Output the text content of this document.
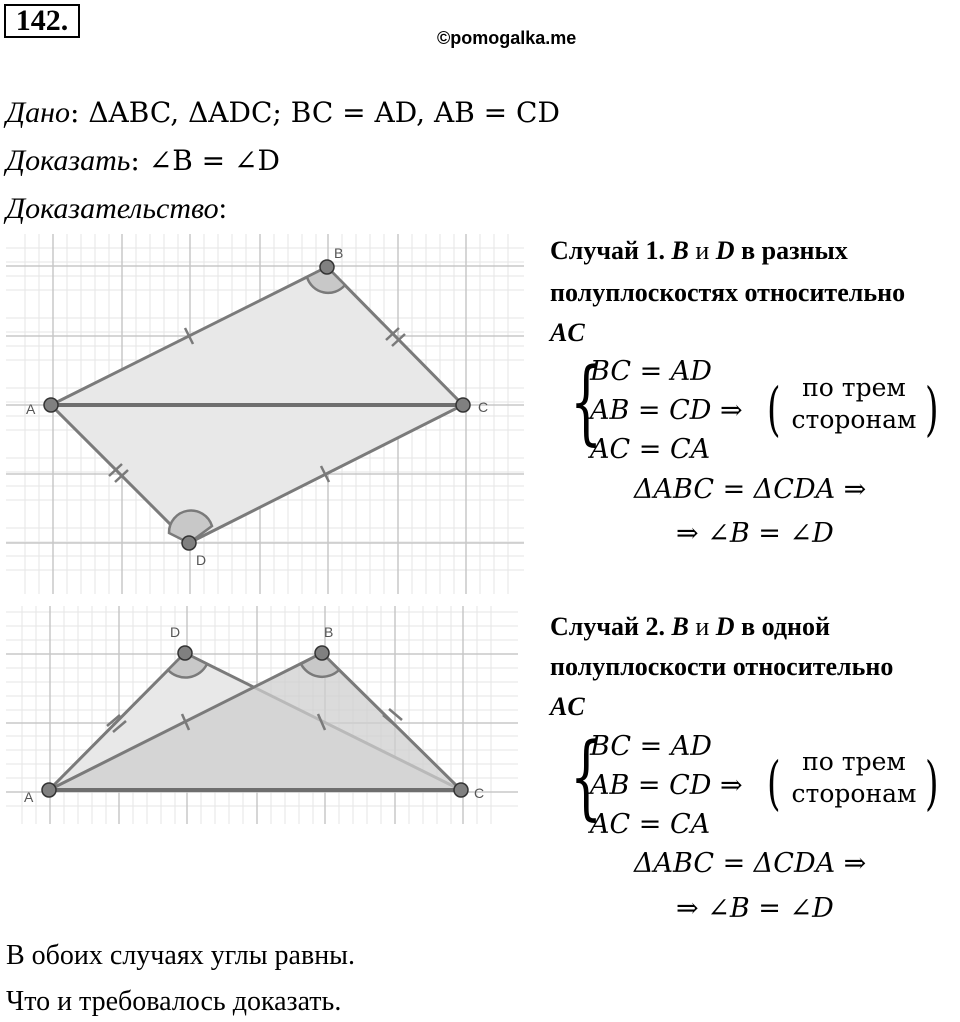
142.
©pomogalka.me
Дано: ΔABC, ΔADC; BC = AD, AB = CD
Доказать: ∠B = ∠D
Доказательство:
A
B
C
D
A
D	B
C
Случай 1. B и D в разных
полуплоскостях относительно
AC
{
BC = AD
AB = CD ⇒
AC = CA
( по трем
сторонам )
ΔABC = ΔCDA ⇒
⇒ ∠B = ∠D
Случай 2. B и D в одной
полуплоскости относительно
AC
{
BC = AD
AB = CD ⇒
AC = CA
( по трем
сторонам )
ΔABC = ΔCDA ⇒
⇒ ∠B = ∠D
В обоих случаях углы равны.
Что и требовалось доказать.
